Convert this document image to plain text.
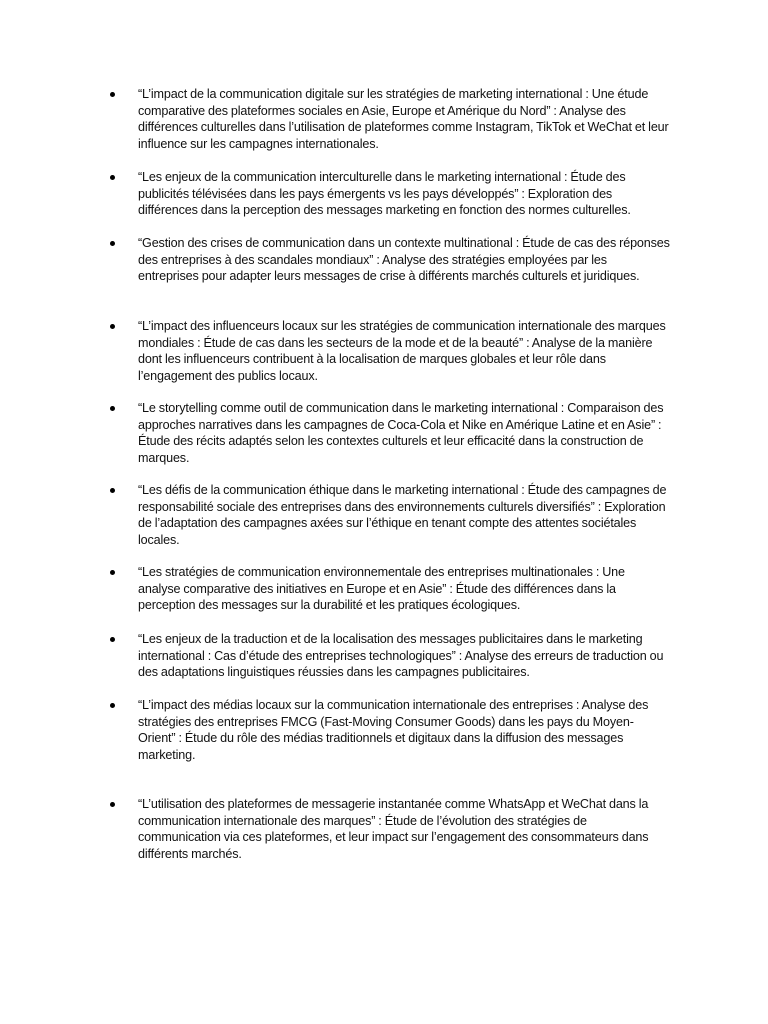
“L’impact de la communication digitale sur les stratégies de marketing international : Une étude comparative des plateformes sociales en Asie, Europe et Amérique du Nord” : Analyse des différences culturelles dans l’utilisation de plateformes comme Instagram, TikTok et WeChat et leur influence sur les campagnes internationales.
“Les enjeux de la communication interculturelle dans le marketing international : Étude des publicités télévisées dans les pays émergents vs les pays développés” : Exploration des différences dans la perception des messages marketing en fonction des normes culturelles.
“Gestion des crises de communication dans un contexte multinational : Étude de cas des réponses des entreprises à des scandales mondiaux” : Analyse des stratégies employées par les entreprises pour adapter leurs messages de crise à différents marchés culturels et juridiques.
“L’impact des influenceurs locaux sur les stratégies de communication internationale des marques mondiales : Étude de cas dans les secteurs de la mode et de la beauté” : Analyse de la manière dont les influenceurs contribuent à la localisation de marques globales et leur rôle dans l’engagement des publics locaux.
“Le storytelling comme outil de communication dans le marketing international : Comparaison des approches narratives dans les campagnes de Coca-Cola et Nike en Amérique Latine et en Asie” : Étude des récits adaptés selon les contextes culturels et leur efficacité dans la construction de marques.
“Les défis de la communication éthique dans le marketing international : Étude des campagnes de responsabilité sociale des entreprises dans des environnements culturels diversifiés” : Exploration de l’adaptation des campagnes axées sur l’éthique en tenant compte des attentes sociétales locales.
“Les stratégies de communication environnementale des entreprises multinationales : Une analyse comparative des initiatives en Europe et en Asie” : Étude des différences dans la perception des messages sur la durabilité et les pratiques écologiques.
“Les enjeux de la traduction et de la localisation des messages publicitaires dans le marketing international : Cas d’étude des entreprises technologiques” : Analyse des erreurs de traduction ou des adaptations linguistiques réussies dans les campagnes publicitaires.
“L’impact des médias locaux sur la communication internationale des entreprises : Analyse des stratégies des entreprises FMCG (Fast-Moving Consumer Goods) dans les pays du Moyen-Orient” : Étude du rôle des médias traditionnels et digitaux dans la diffusion des messages marketing.
“L’utilisation des plateformes de messagerie instantanée comme WhatsApp et WeChat dans la communication internationale des marques” : Étude de l’évolution des stratégies de communication via ces plateformes, et leur impact sur l’engagement des consommateurs dans différents marchés.
